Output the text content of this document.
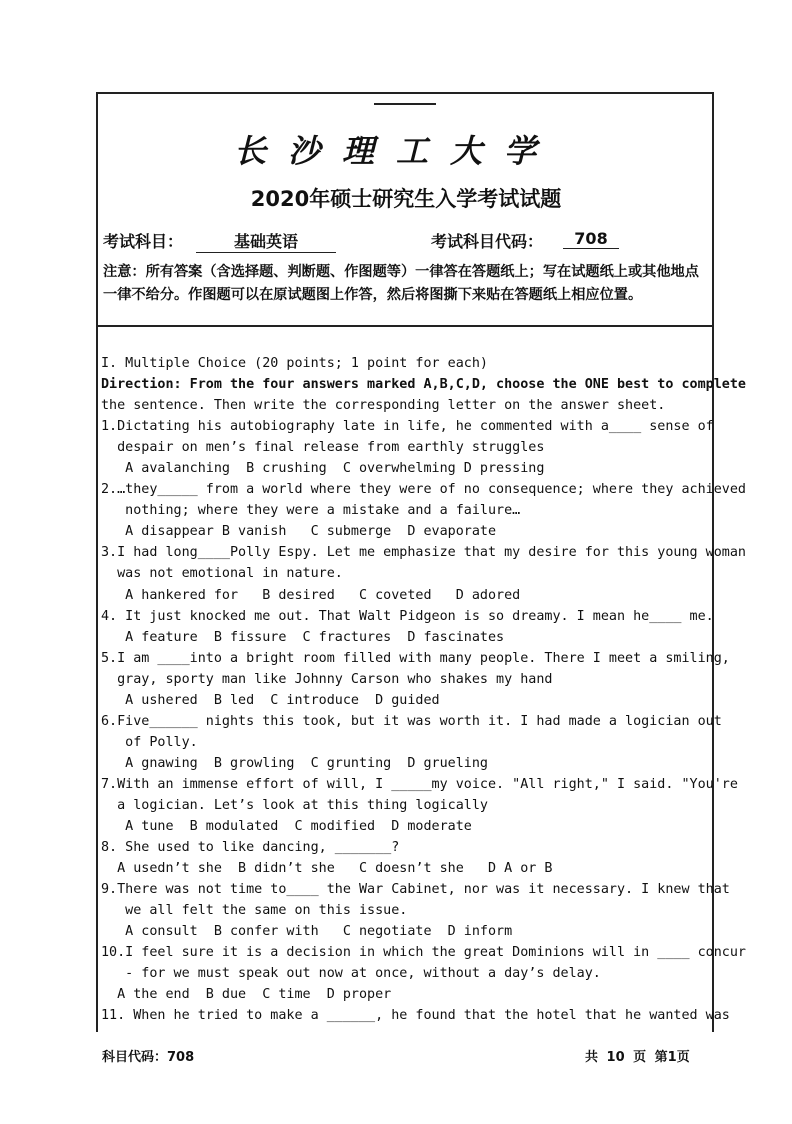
长沙理工大学
2020年硕士研究生入学考试试题
考试科目：	基础英语	考试科目代码：	708
注意：所有答案（含选择题、判断题、作图题等）一律答在答题纸上；写在试题纸上或其他地点一律不给分。作图题可以在原试题图上作答，然后将图撕下来贴在答题纸上相应位置。
I. Multiple Choice (20 points; 1 point for each)
Direction: From the four answers marked A,B,C,D, choose the ONE best to complete
the sentence. Then write the corresponding letter on the answer sheet.
1.Dictating his autobiography late in life, he commented with a____ sense of
despair on men’s final release from earthly struggles
A avalanching  B crushing  C overwhelming D pressing
2.…they_____ from a world where they were of no consequence; where they achieved
nothing; where they were a mistake and a failure…
A disappear B vanish   C submerge  D evaporate
3.I had long____Polly Espy. Let me emphasize that my desire for this young woman
was not emotional in nature.
A hankered for   B desired   C coveted   D adored
4. It just knocked me out. That Walt Pidgeon is so dreamy. I mean he____ me.
A feature  B fissure  C fractures  D fascinates
5.I am ____into a bright room filled with many people. There I meet a smiling,
gray, sporty man like Johnny Carson who shakes my hand
A ushered  B led  C introduce  D guided
6.Five______ nights this took, but it was worth it. I had made a logician out
of Polly.
A gnawing  B growling  C grunting  D grueling
7.With an immense effort of will, I _____my voice. "All right," I said. "You're
a logician. Let’s look at this thing logically
A tune  B modulated  C modified  D moderate
8. She used to like dancing, _______?
A usedn’t she  B didn’t she   C doesn’t she   D A or B
9.There was not time to____ the War Cabinet, nor was it necessary. I knew that
we all felt the same on this issue.
A consult  B confer with   C negotiate  D inform
10.I feel sure it is a decision in which the great Dominions will in ____ concur
- for we must speak out now at once, without a day’s delay.
A the end  B due  C time  D proper
11. When he tried to make a ______, he found that the hotel that he wanted was
科目代码：708	共 10 页 第1页
